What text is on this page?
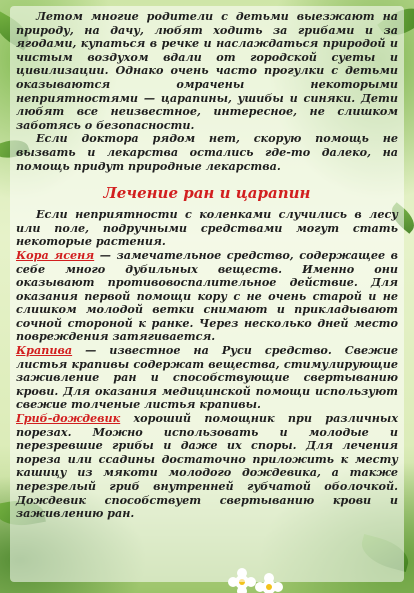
Летом многие родители с детьми выезжают на природу, на дачу, любят ходить за грибами и за ягодами, купаться в речке и наслаждаться природой и чистым воздухом вдали от городской суеты и цивилизации. Однако очень часто прогулки с детьми оказываются омрачены некоторыми неприятностями — царапины, ушибы и синяки. Дети любят все неизвестное, интересное, не слишком заботясь о безопасности.

Если доктора рядом нет, скорую помощь не вызвать и лекарства остались где-то далеко, на помощь придут природные лекарства.

Лечение ран и царапин

Если неприятности с коленками случились в лесу или поле, подручными средствами могут стать некоторые растения.

Кора ясеня — замечательное средство, содержащее в себе много дубильных веществ. Именно они оказывают противовоспалительное действие. Для оказания первой помощи кору с не очень старой и не слишком молодой ветки снимают и прикладывают сочной стороной к ранке. Через несколько дней место повреждения затягивается.

Крапива — известное на Руси средство. Свежие листья крапивы содержат вещества, стимулирующие заживление ран и способствующие свертыванию крови. Для оказания медицинской помощи используют свежие толченые листья крапивы.

Гриб-дождевик хороший помощник при различных порезах. Можно использовать и молодые и перезревшие грибы и даже их споры. Для лечения пореза или ссадины достаточно приложить к месту кашицу из мякоти молодого дождевика, а также перезрелый гриб внутренней губчатой оболочкой. Дождевик способствует свертыванию крови и заживлению ран.
